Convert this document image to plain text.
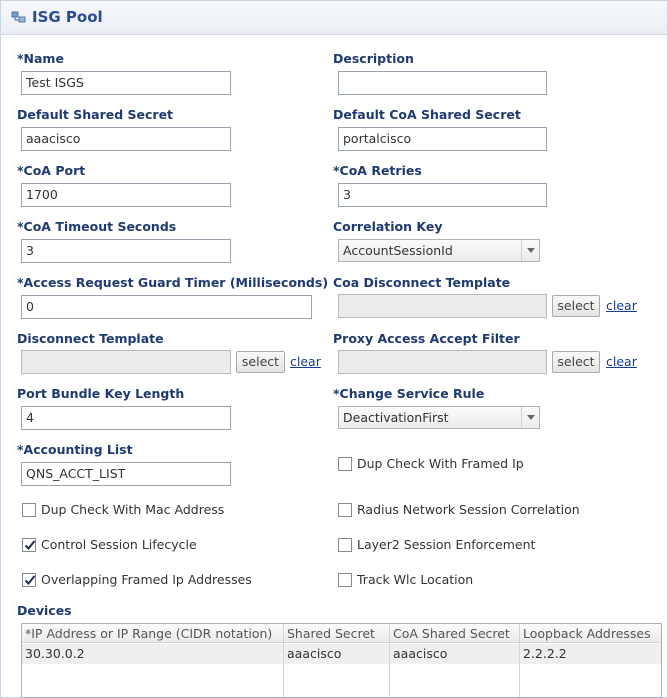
ISG Pool
*Name
Test ISGS
Description
Default Shared Secret
aaacisco
Default CoA Shared Secret
portalcisco
*CoA Port
1700
*CoA Retries
3
*CoA Timeout Seconds
3
Correlation Key
AccountSessionId
*Access Request Guard Timer (Milliseconds)
0
Coa Disconnect Template
select clear
Disconnect Template
select clear
Proxy Access Accept Filter
select clear
Port Bundle Key Length
4
*Change Service Rule
DeactivationFirst
*Accounting List
QNS_ACCT_LIST
Dup Check With Framed Ip
Dup Check With Mac Address	Radius Network Session Correlation
Control Session Lifecycle	Layer2 Session Enforcement
Overlapping Framed Ip Addresses	Track Wlc Location
Devices
*IP Address or IP Range (CIDR notation)	Shared Secret	CoA Shared Secret	Loopback Addresses
30.30.0.2	aaacisco	aaacisco	2.2.2.2
